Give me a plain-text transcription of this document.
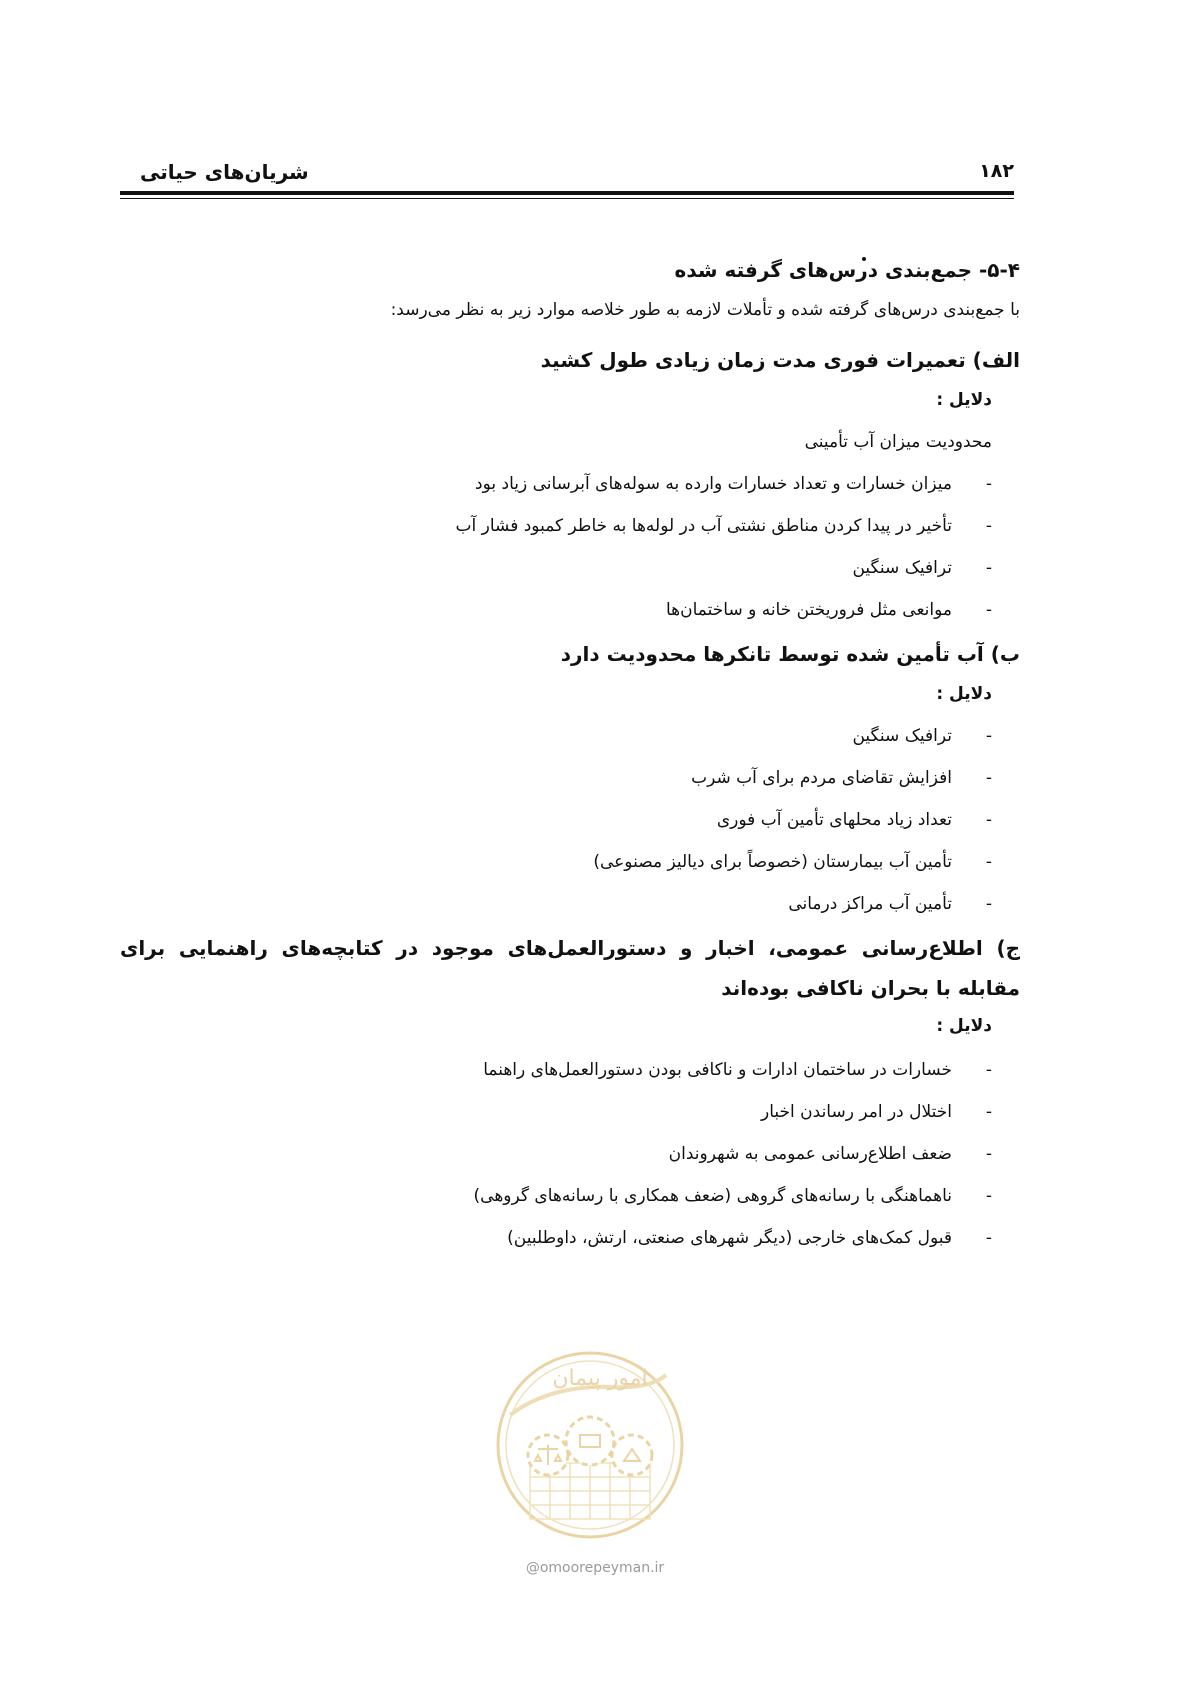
شریان‌های حیاتی	۱۸۲
۵-۴- جمع‌بندی درس‌های گرفته شده
با جمع‌بندی درس‌های گرفته شده و تأملات لازمه به طور خلاصه موارد زیر به نظر می‌رسد:
الف) تعمیرات فوری مدت زمان زیادی طول کشید
دلایل :
محدودیت میزان آب تأمینی
-میزان خسارات و تعداد خسارات وارده به سوله‌های آبرسانی زیاد بود
-تأخیر در پیدا کردن مناطق نشتی آب در لوله‌ها به خاطر کمبود فشار آب
-ترافیک سنگین
-موانعی مثل فروریختن خانه و ساختمان‌ها
ب) آب تأمین شده توسط تانکرها محدودیت دارد
دلایل :
-ترافیک سنگین
-افزایش تقاضای مردم برای آب شرب
-تعداد زیاد محلهای تأمین آب فوری
-تأمین آب بیمارستان (خصوصاً برای دیالیز مصنوعی)
-تأمین آب مراکز درمانی
ج) اطلاع‌رسانی عمومی، اخبار و دستورالعمل‌های موجود در کتابچه‌های راهنمایی برای مقابله با بحران ناکافی بوده‌اند
دلایل :
-خسارات در ساختمان ادارات و ناکافی بودن دستورالعمل‌های راهنما
-اختلال در امر رساندن اخبار
-ضعف اطلاع‌رسانی عمومی به شهروندان
-ناهماهنگی با رسانه‌های گروهی (ضعف همکاری با رسانه‌های گروهی)
-قبول کمک‌های خارجی (دیگر شهرهای صنعتی، ارتش، داوطلبین)
امور پیمان
@omoorepeyman.ir
